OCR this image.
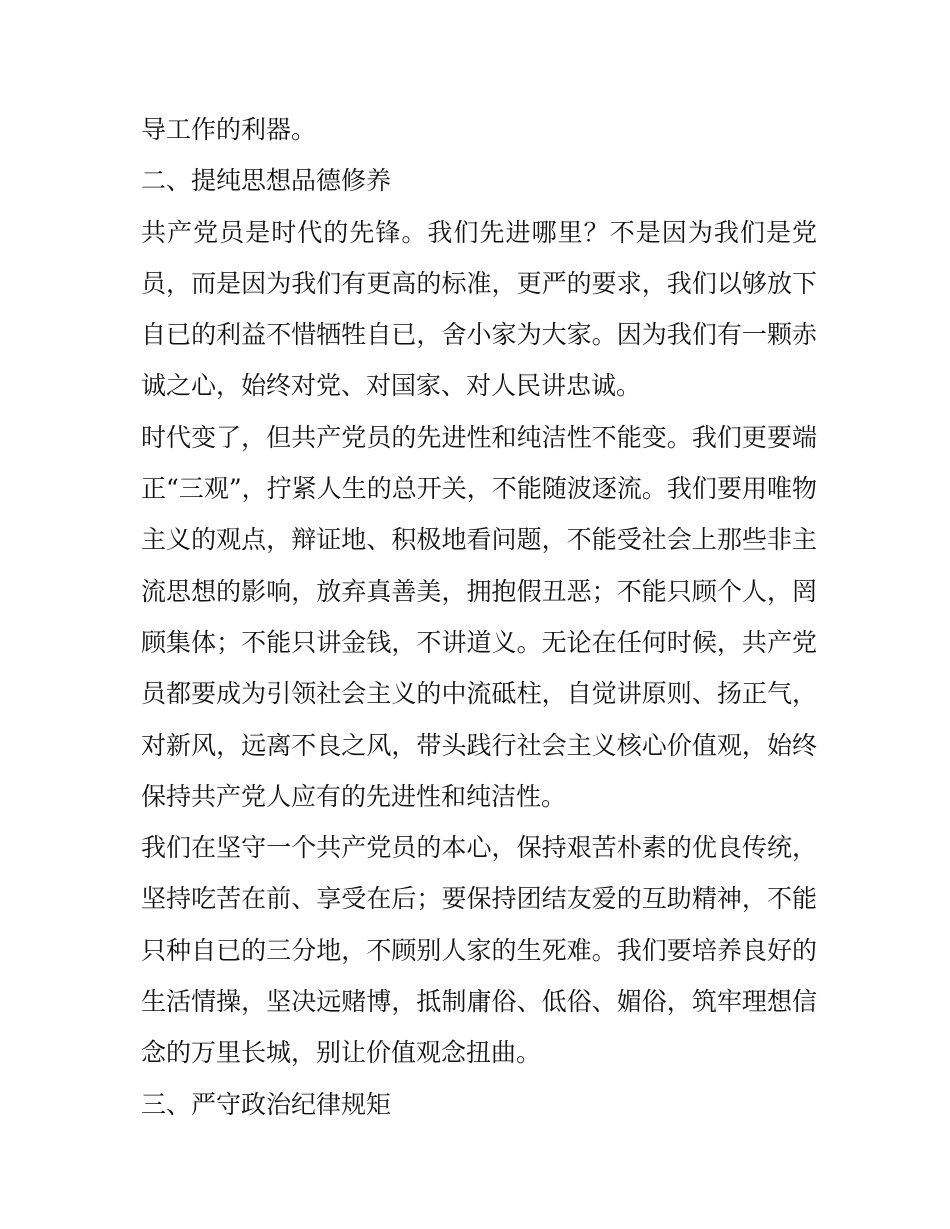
导工作的利器。
二、提纯思想品德修养
共产党员是时代的先锋。我们先进哪里？不是因为我们是党
员，而是因为我们有更高的标准，更严的要求，我们以够放下
自已的利益不惜牺牲自已，舍小家为大家。因为我们有一颗赤
诚之心，始终对党、对国家、对人民讲忠诚。
时代变了，但共产党员的先进性和纯洁性不能变。我们更要端
正“三观”，拧紧人生的总开关，不能随波逐流。我们要用唯物
主义的观点，辩证地、积极地看问题，不能受社会上那些非主
流思想的影响，放弃真善美，拥抱假丑恶；不能只顾个人，罔
顾集体；不能只讲金钱，不讲道义。无论在任何时候，共产党
员都要成为引领社会主义的中流砥柱，自觉讲原则、扬正气，
对新风，远离不良之风，带头践行社会主义核心价值观，始终
保持共产党人应有的先进性和纯洁性。
我们在坚守一个共产党员的本心，保持艰苦朴素的优良传统，
坚持吃苦在前、享受在后；要保持团结友爱的互助精神，不能
只种自已的三分地，不顾别人家的生死难。我们要培养良好的
生活情操，坚决远赌博，抵制庸俗、低俗、媚俗，筑牢理想信
念的万里长城，别让价值观念扭曲。
三、严守政治纪律规矩
